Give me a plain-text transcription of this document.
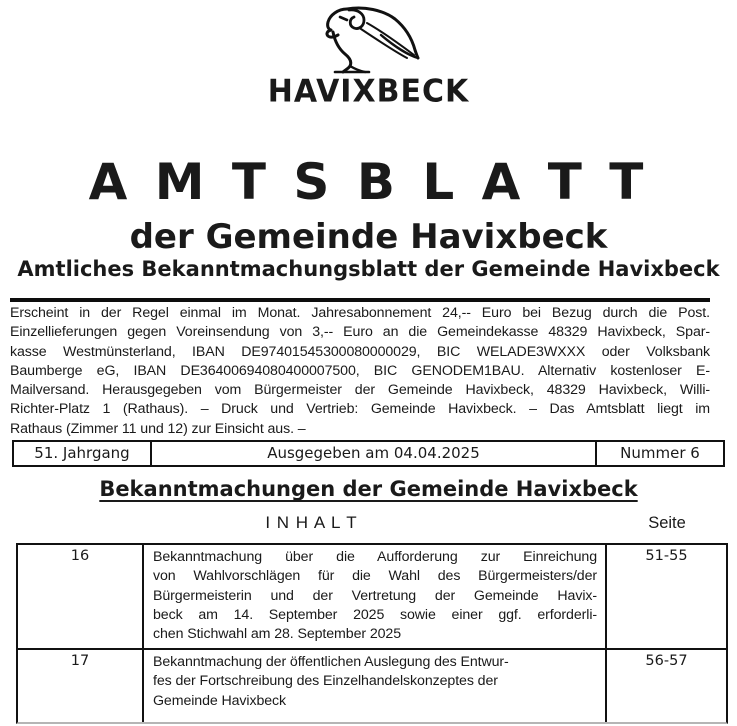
HAVIXBECK
A M T S B L A T T
der Gemeinde Havixbeck
Amtliches Bekanntmachungsblatt der Gemeinde Havixbeck
Erscheint in der Regel einmal im Monat. Jahresabonnement 24,-- Euro bei Bezug durch die Post.
Einzellieferungen gegen Voreinsendung von 3,-- Euro an die Gemeindekasse 48329 Havixbeck, Spar-
kasse Westmünsterland, IBAN DE97401545300080000029, BIC WELADE3WXXX oder Volksbank
Baumberge eG, IBAN DE36400694080400007500, BIC GENODEM1BAU. Alternativ kostenloser E-
Mailversand. Herausgegeben vom Bürgermeister der Gemeinde Havixbeck, 48329 Havixbeck, Willi-
Richter-Platz 1 (Rathaus). – Druck und Vertrieb: Gemeinde Havixbeck. – Das Amtsblatt liegt im
Rathaus (Zimmer 11 und 12) zur Einsicht aus. –
51. Jahrgang	Ausgegeben am 04.04.2025	Nummer 6
Bekanntmachungen der Gemeinde Havixbeck
I N H A L T	Seite
16	Bekanntmachung über die Aufforderung zur Einreichung
von Wahlvorschlägen für die Wahl des Bürgermeisters/der
Bürgermeisterin und der Vertretung der Gemeinde Havix-
beck am 14. September 2025 sowie einer ggf. erforderli-
chen Stichwahl am 28. September 2025
51-55
17	Bekanntmachung der öffentlichen Auslegung des Entwur-
fes der Fortschreibung des Einzelhandelskonzeptes der
Gemeinde Havixbeck
56-57
